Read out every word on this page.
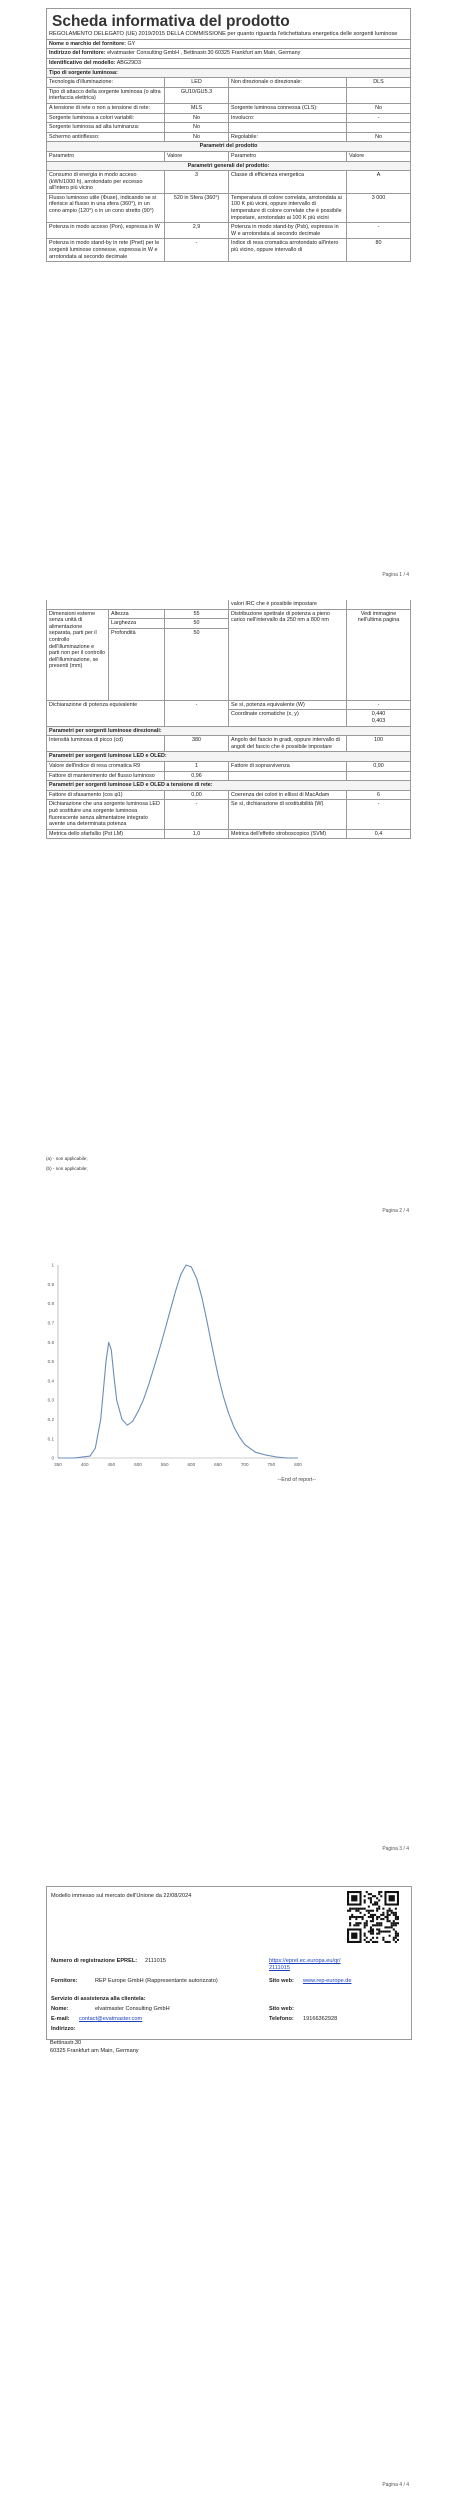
Scheda informativa del prodotto
REGOLAMENTO DELEGATO (UE) 2019/2015 DELLA COMMISSIONE per quanto riguarda l'etichettatura energetica delle sorgenti luminose			

Nome o marchio del fornitore: GY			
Indirizzo del fornitore: elvatmaster Consulting GmbH , Bettinastr.30 60325 Frankfurt am Main, Germany			
Identificativo del modello: ABG29D3			
Tipo di sorgente luminosa:			
Tecnologia d'illuminazione:	LED	Non direzionale o direzionale:	DLS
Tipo di attacco della sorgente luminosa (o altra interfaccia elettrica)	GU10/GU5.3		
A tensione di rete o non a tensione di rete:	MLS	Sorgente luminosa connessa (CLS):	No
Sorgente luminosa a colori variabili:	No	Involucro:	-
Sorgente luminosa ad alta luminanza:	No		
Schermo antiriflesso:	No	Regolabile:	No
Parametri del prodotto			
Parametro	Valore	Parametro	Valore
Parametri generali del prodotto:			
Consumo di energia in modo acceso (kWh/1000 h), arrotondato per eccesso all'intero più vicino	3	Classe di efficienza energetica	A
Flusso luminoso utile (Φuse), indicando se si riferisce al flusso in una sfera (360°), in un cono ampio (120°) o in un cono stretto (90°)	520 in Sfera (360°)	Temperatura di colore correlata, arrotondata ai 100 K più vicini, oppure intervallo di temperature di colore correlate che è possibile impostare, arrotondato ai 100 K più vicini	3 000
Potenza in modo acceso (Pon), espressa in W	2,9	Potenza in modo stand-by (Psb), espressa in W e arrotondata al secondo decimale	-
Potenza in modo stand-by in rete (Pnet) per le sorgenti luminose connesse, espressa in W e arrotondata al secondo decimale	-	Indice di resa cromatica arrotondato all'intero più vicino, oppure intervallo di	80
Pagina 1 / 4
			valori IRC che è possibile impostare	
Dimensioni esterne senza unità di alimentazione separata, parti per il controllo dell'illuminazione e parti non per il controllo dell'illuminazione, se presenti (mm)	Altezza	55	Distribuzione spettrale di potenza a pieno carico nell'intervallo da 250 nm a 800 nm	Vedi immagine nell'ultima pagina
	Larghezza	50		
	Profondità	50		
Dichiarazione di potenza equivalente		-	Se sì, potenza equivalente (W)	-
			Coordinate cromatiche (x, y)	0,440
0,403

Parametri per sorgenti luminose direzionali:				
Intensità luminosa di picco (cd)		380	Angolo del fascio in gradi, oppure intervallo di angoli del fascio che è possibile impostare	100
Parametri per sorgenti luminose LED e OLED:				
Valore dell'indice di resa cromatica R9		1	Fattore di sopravvivenza	0,90
Fattore di mantenimento del flusso luminoso		0,96		
Parametri per sorgenti luminose LED e OLED a tensione di rete:				
Fattore di sfasamento (cos φ1)		0,00	Coerenza dei colori in ellissi di MacAdam	6
Dichiarazione che una sorgente luminosa LED può sostituire una sorgente luminosa fluorescente senza alimentatore integrato avente una determinata potenza		-	Se sì, dichiarazione di sostituibilità (W)	-
Metrica dello sfarfallio (Pst LM)		1,0	Metrica dell'effetto stroboscopico (SVM)	0,4
(a) - non applicabile;
(b) - non applicabile;
Pagina 2 / 4
350	400	450	500	550	600	650	700	750	800
0
0.1
0.2
0.3
0.4
0.5
0.6
0.7
0.8
0.9
1
--End of report--
Pagina 3 / 4
Modello immesso sul mercato dell'Unione da 22/08/2024
Numero di registrazione EPREL: 2111015	https://eprel.ec.europa.eu/qr/2111015
Fornitore:	REP Europe GmbH (Rappresentante autorizzato)	Sito web: www.rep-europe.de
Servizio di assistenza alla clientela:
Nome:	elvatmaster Consulting GmbH	Sito web:
E-mail: contact@evatmaster.com	Telefono: 19166362928
Indirizzo:
Bettinastr.30
60325 Frankfurt am Main, Germany
Pagina 4 / 4
